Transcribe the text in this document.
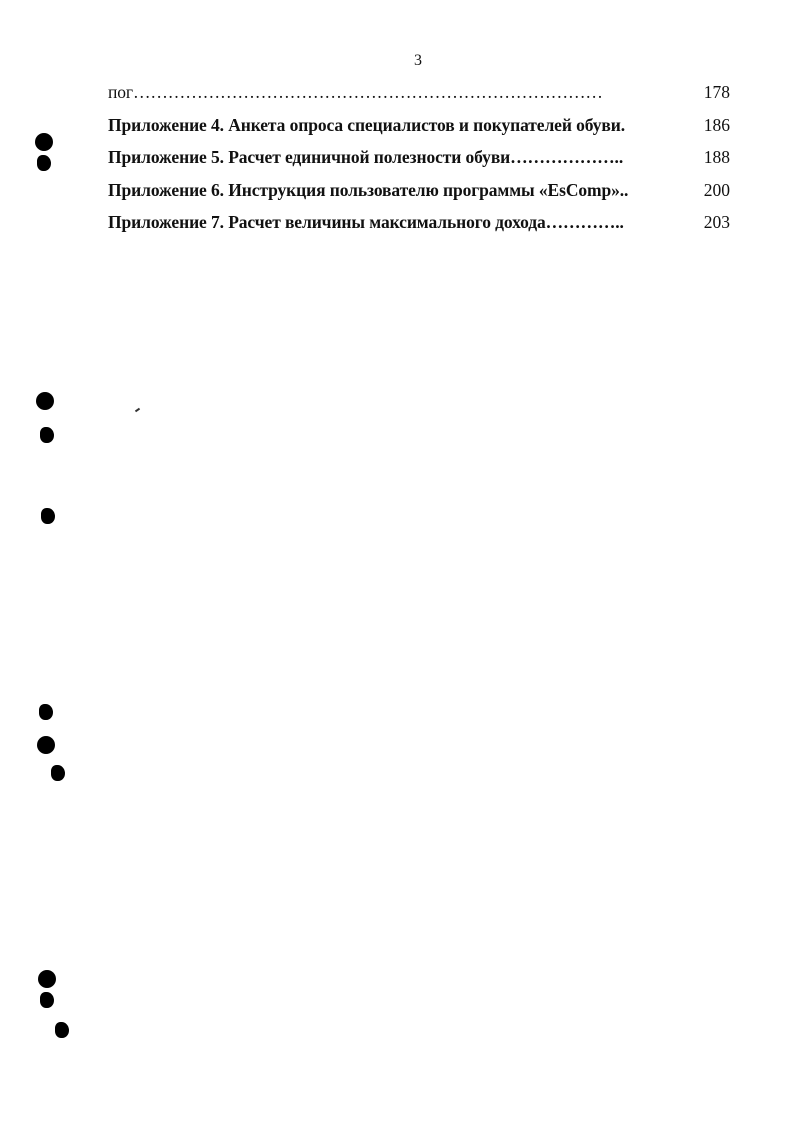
3
пог………………………………………………………………………	178
Приложение 4. Анкета опроса специалистов и покупателей обуви.	186
Приложение 5. Расчет единичной полезности обуви………………..	188
Приложение 6. Инструкция пользователю программы «EsComp»..	200
Приложение 7. Расчет величины максимального дохода…………..	203
